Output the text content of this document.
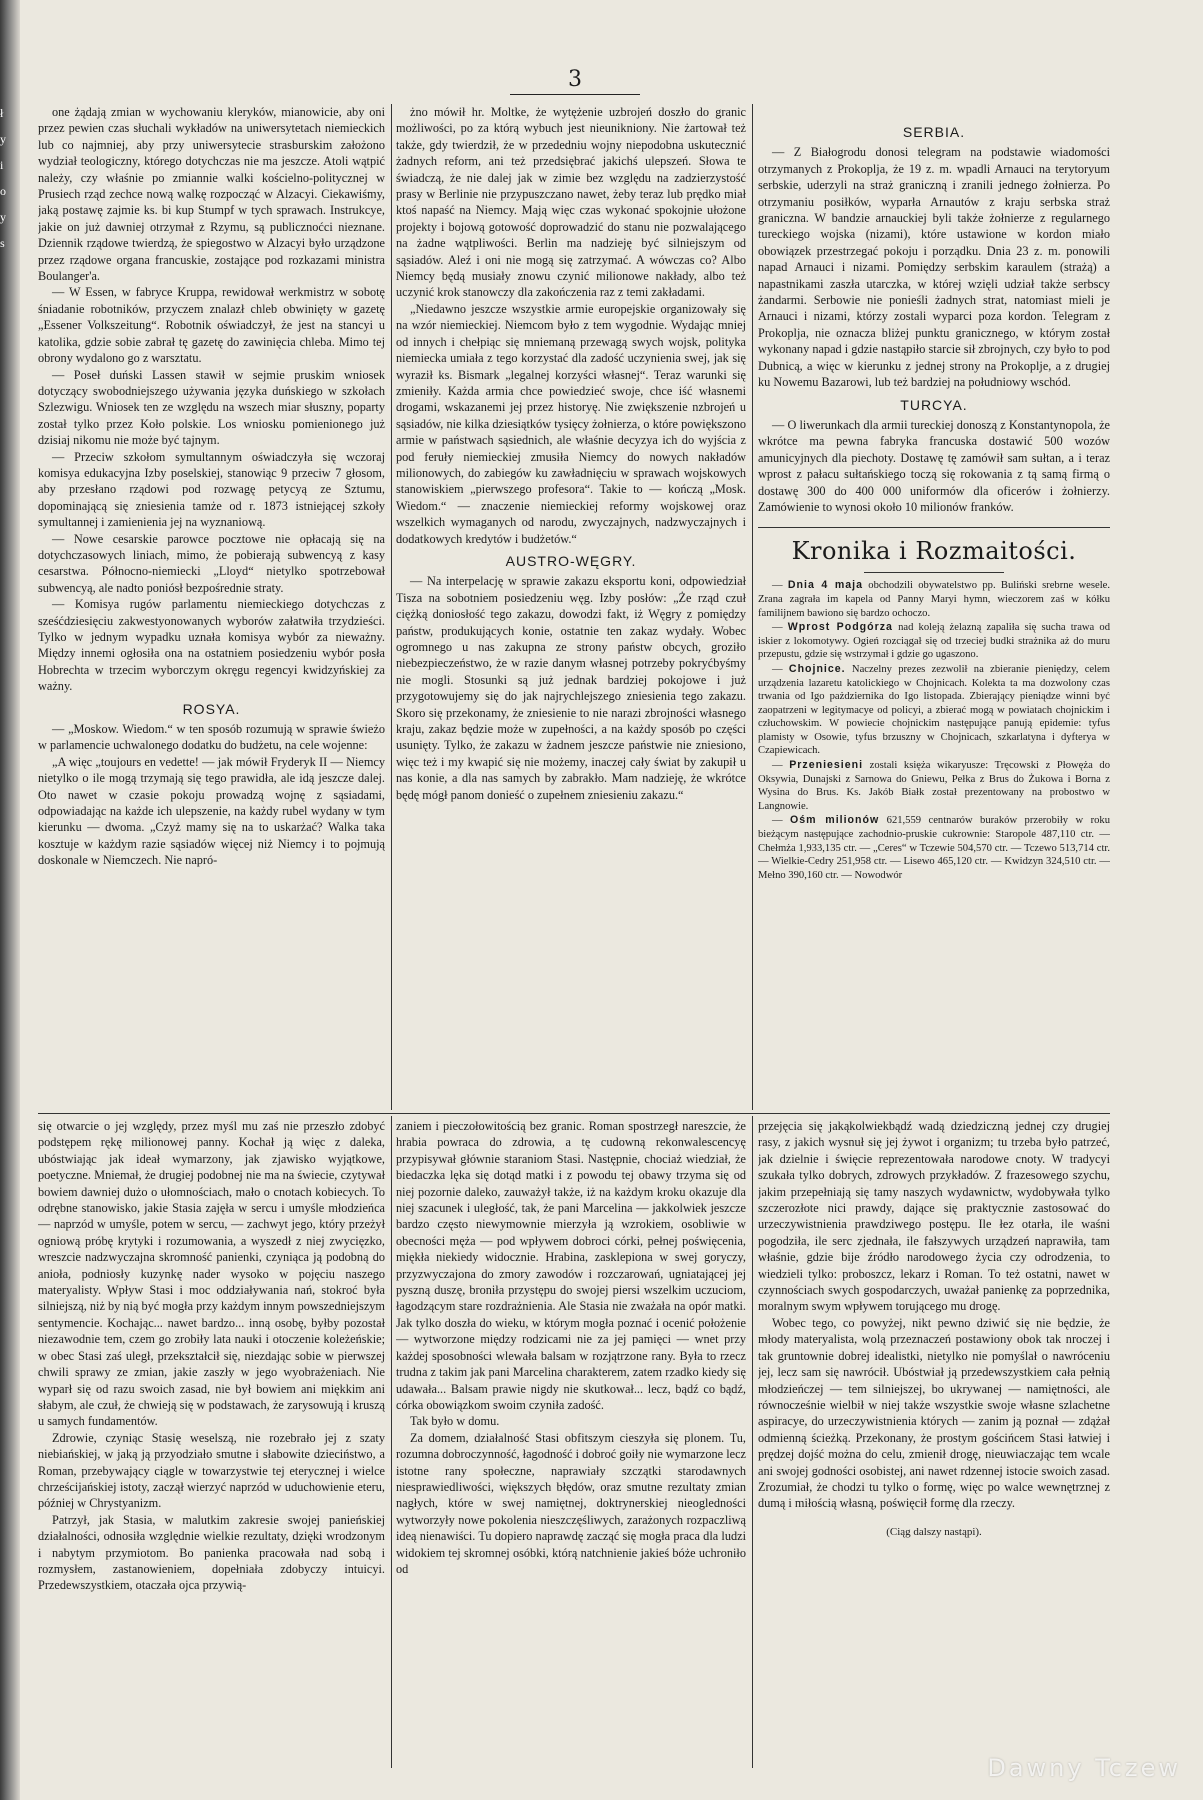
ł y i o y s
3

one żądają zmian w wychowaniu kleryków, mianowicie, aby oni przez pewien czas słuchali wykładów na uniwersytetach niemieckich lub co najmniej, aby przy uniwersytecie strasburskim założono wydział teologiczny, którego dotychczas nie ma jeszcze. Atoli wątpić należy, czy właśnie po zmiannie walki kościelno-politycznej w Prusiech rząd zechce nową walkę rozpocząć w Alzacyi. Ciekawiśmy, jaką postawę zajmie ks. bi kup Stumpf w tych sprawach. Instrukcye, jakie on już dawniej otrzymał z Rzymu, są publicznoćci nieznane. Dziennik rządowe twierdzą, że spiegostwo w Alzacyi było urządzone przez rządowe organa francuskie, zostające pod rozkazami ministra Boulanger'a.

— W Essen, w fabryce Kruppa, rewidował werkmistrz w sobotę śniadanie robotników, przyczem znalazł chleb obwinięty w gazetę „Essener Volkszeitung“. Robotnik oświadczył, że jest na stancyi u katolika, gdzie sobie zabrał tę gazetę do zawinięcia chleba. Mimo tej obrony wydalono go z warsztatu.

— Poseł duński Lassen stawił w sejmie pruskim wniosek dotyczący swobodniejszego używania języka duńskiego w szkołach Szlezwigu. Wniosek ten ze względu na wszech miar słuszny, poparty został tylko przez Koło polskie. Los wniosku pomienionego już dzisiaj nikomu nie może być tajnym.

— Przeciw szkołom symultannym oświadczyła się wczoraj komisya edukacyjna Izby poselskiej, stanowiąc 9 przeciw 7 głosom, aby przesłano rządowi pod rozwagę petycyą ze Sztumu, dopominającą się zniesienia tamże od r. 1873 istniejącej szkoły symultannej i zamienienia jej na wyznaniową.

— Nowe cesarskie parowce pocztowe nie opłacają się na dotychczasowych liniach, mimo, że pobierają subwencyą z kasy cesarstwa. Północno-niemiecki „Lloyd“ nietylko spotrzebował subwencyą, ale nadto poniósł bezpośrednie straty.

— Komisya rugów parlamentu niemieckiego dotychczas z sześćdziesięciu zakwestyonowanych wyborów załatwiła trzydzieści. Tylko w jednym wypadku uznała komisya wybór za nieważny. Między innemi ogłosiła ona na ostatniem posiedzeniu wybór posła Hobrechta w trzecim wyborczym okręgu regencyi kwidzyńskiej za ważny.

ROSYA.

— „Moskow. Wiedom.“ w ten sposób rozumują w sprawie świeżo w parlamencie uchwalonego dodatku do budżetu, na cele wojenne:

„A więc „toujours en vedette! — jak mówił Fryderyk II — Niemcy nietylko o ile mogą trzymają się tego prawidła, ale idą jeszcze dalej. Oto nawet w czasie pokoju prowadzą wojnę z sąsiadami, odpowiadając na każde ich ulepszenie, na każdy rubel wydany w tym kierunku — dwoma. „Czyż mamy się na to uskarżać? Walka taka kosztuje w każdym razie sąsiadów więcej niż Niemcy i to pojmują doskonale w Niemczech. Nie napró-

żno mówił hr. Moltke, że wytężenie uzbrojeń doszło do granic możliwości, po za którą wybuch jest nieunikniony. Nie żartował też także, gdy twierdził, że w przededniu wojny niepodobna uskutecznić żadnych reform, ani też przedsiębrać jakichś ulepszeń. Słowa te świadczą, że nie dalej jak w zimie bez względu na zadzierzystość prasy w Berlinie nie przypuszczano nawet, żeby teraz lub prędko miał ktoś napaść na Niemcy. Mają więc czas wykonać spokojnie ułożone projekty i bojową gotowość doprowadzić do stanu nie pozwalającego na żadne wątpliwości. Berlin ma nadzieję być silniejszym od sąsiadów. Aleź i oni nie mogą się zatrzymać. A wówczas co? Albo Niemcy będą musiały znowu czynić milionowe nakłady, albo też uczynić krok stanowczy dla zakończenia raz z temi zakładami.

„Niedawno jeszcze wszystkie armie europejskie organizowały się na wzór niemieckiej. Niemcom było z tem wygodnie. Wydając mniej od innych i chełpiąc się mniemaną przewagą swych wojsk, polityka niemiecka umiała z tego korzystać dla zadość uczynienia swej, jak się wyraził ks. Bismark „legalnej korzyści własnej“. Teraz warunki się zmieniły. Każda armia chce powiedzieć swoje, chce iść własnemi drogami, wskazanemi jej przez historyę. Nie zwiększenie nzbrojeń u sąsiadów, nie kilka dziesiątków tysięcy żołnierza, o które powiększono armie w państwach sąsiednich, ale właśnie decyzya ich do wyjścia z pod feruły niemieckiej zmusiła Niemcy do nowych nakładów milionowych, do zabiegów ku zawładnięciu w sprawach wojskowych stanowiskiem „pierwszego profesora“. Takie to — kończą „Mosk. Wiedom.“ — znaczenie niemieckiej reformy wojskowej oraz wszelkich wymaganych od narodu, zwyczajnych, nadzwyczajnych i dodatkowych kredytów i budżetów.“

AUSTRO-WĘGRY.

— Na interpelację w sprawie zakazu eksportu koni, odpowiedział Tisza na sobotniem posiedzeniu węg. Izby posłów: „Że rząd czuł ciężką doniosłość tego zakazu, dowodzi fakt, iż Węgry z pomiędzy państw, produkujących konie, ostatnie ten zakaz wydały. Wobec ogromnego u nas zakupna ze strony państw obcych, groziło niebezpieczeństwo, że w razie danym własnej potrzeby pokryćbyśmy nie mogli. Stosunki są już jednak bardziej pokojowe i już przygotowujemy się do jak najrychlejszego zniesienia tego zakazu. Skoro się przekonamy, że zniesienie to nie narazi zbrojności własnego kraju, zakaz będzie może w zupełności, a na każdy sposób po części usunięty. Tylko, że zakazu w żadnem jeszcze państwie nie zniesiono, więc też i my kwapić się nie możemy, inaczej cały świat by zakupił u nas konie, a dla nas samych by zabrakło. Mam nadzieję, że wkrótce będę mógł panom donieść o zupełnem zniesieniu zakazu.“

SERBIA.

— Z Białogrodu donosi telegram na podstawie wiadomości otrzymanych z Prokoplja, że 19 z. m. wpadli Arnauci na terytoryum serbskie, uderzyli na straż graniczną i zranili jednego żołnierza. Po otrzymaniu posiłków, wyparła Arnautów z kraju serbska straż graniczna. W bandzie arnauckiej byli także żołnierze z regularnego tureckiego wojska (nizami), które ustawione w kordon miało obowiązek przestrzegać pokoju i porządku. Dnia 23 z. m. ponowili napad Arnauci i nizami. Pomiędzy serbskim karaulem (strażą) a napastnikami zaszła utarczka, w której wzięli udział także serbscy żandarmi. Serbowie nie ponieśli żadnych strat, natomiast mieli je Arnauci i nizami, którzy zostali wyparci poza kordon. Telegram z Prokoplja, nie oznacza bliżej punktu granicznego, w którym został wykonany napad i gdzie nastąpiło starcie sił zbrojnych, czy było to pod Dubnicą, a więc w kierunku z jednej strony na Prokoplje, a z drugiej ku Nowemu Bazarowi, lub też bardziej na południowy wschód.

TURCYA.

— O liwerunkach dla armii tureckiej donoszą z Konstantynopola, że wkrótce ma pewna fabryka francuska dostawić 500 wozów amunicyjnych dla piechoty. Dostawę tę zamówił sam sułtan, a i teraz wprost z pałacu sułtańskiego toczą się rokowania z tą samą firmą o dostawę 300 do 400 000 uniformów dla oficerów i żołnierzy. Zamówienie to wynosi około 10 milionów franków.

Kronika i Rozmaitości.

— Dnia 4 maja obchodzili obywatelstwo pp. Buliński srebrne wesele. Zrana zagrała im kapela od Panny Maryi hymn, wieczorem zaś w kółku familijnem bawiono się bardzo ochoczo.

— Wprost Podgórza nad koleją żelazną zapaliła się sucha trawa od iskier z lokomotywy. Ogień rozciągał się od trzeciej budki strażnika aż do muru przepustu, gdzie się wstrzymał i gdzie go ugaszono.

— Chojnice. Naczelny prezes zezwolił na zbieranie pieniędzy, celem urządzenia lazaretu katolickiego w Chojnicach. Kolekta ta ma dozwolony czas trwania od Igo pażdziernika do Igo listopada. Zbierający pieniądze winni być zaopatrzeni w legitymacye od policyi, a zbierać mogą w powiatach chojnickim i człuchowskim. W powiecie chojnickim następujące panują epidemie: tyfus plamisty w Osowie, tyfus brzuszny w Chojnicach, szkarlatyna i dyfterya w Czapiewicach.

— Przeniesieni zostali księża wikaryusze: Tręcowski z Płowęża do Oksywia, Dunajski z Sarnowa do Gniewu, Pełka z Brus do Żukowa i Borna z Wysina do Brus. Ks. Jakób Białk został prezentowany na probostwo w Langnowie.

— Ośm milionów 621,559 centnarów buraków przerobiły w roku bieżącym następujące zachodnio-pruskie cukrownie: Staropole 487,110 ctr. — Chełmża 1,933,135 ctr. — „Ceres“ w Tczewie 504,570 ctr. — Tczewo 513,714 ctr. — Wielkie-Cedry 251,958 ctr. — Lisewo 465,120 ctr. — Kwidzyn 324,510 ctr. — Mełno 390,160 ctr. — Nowodwór

się otwarcie o jej względy, przez myśl mu zaś nie przeszło zdobyć podstępem rękę milionowej panny. Kochał ją więc z daleka, ubóstwiając jak ideał wymarzony, jak zjawisko wyjątkowe, poetyczne. Mniemał, że drugiej podobnej nie ma na świecie, czytywał bowiem dawniej dużo o ułomnościach, mało o cnotach kobiecych. To odrębne stanowisko, jakie Stasia zajęła w sercu i umyśle młodzieńca — naprzód w umyśle, potem w sercu, — zachwyt jego, który przeżył ogniową próbę krytyki i rozumowania, a wyszedł z niej zwycięzko, wreszcie nadzwyczajna skromność panienki, czyniąca ją podobną do anioła, podniosły kuzynkę nader wysoko w pojęciu naszego materyalisty. Wpływ Stasi i moc oddziaływania nań, stokroć była silniejszą, niż by nią być mogła przy każdym innym powszedniejszym sentymencie. Kochając... nawet bardzo... inną osobę, byłby pozostał niezawodnie tem, czem go zrobiły lata nauki i otoczenie koleżeńskie; w obec Stasi zaś uległ, przekształcił się, niezdając sobie w pierwszej chwili sprawy ze zmian, jakie zaszły w jego wyobrażeniach. Nie wyparł się od razu swoich zasad, nie był bowiem ani miękkim ani słabym, ale czuł, że chwieją się w podstawach, że zarysowują i kruszą u samych fundamentów.

Zdrowie, czyniąc Stasię weselszą, nie rozebrało jej z szaty niebiańskiej, w jaką ją przyodziało smutne i słabowite dzieciństwo, a Roman, przebywający ciągle w towarzystwie tej eterycznej i wielce chrześcijańskiej istoty, zaczął wierzyć naprzód w uduchowienie eteru, później w Chrystyanizm.

Patrzył, jak Stasia, w malutkim zakresie swojej panieńskiej działalności, odnosiła względnie wielkie rezultaty, dzięki wrodzonym i nabytym przymiotom. Bo panienka pracowała nad sobą i rozmysłem, zastanowieniem, dopełniała zdobyczy intuicyi. Przedewszystkiem, otaczała ojca przywią-

zaniem i pieczołowitością bez granic. Roman spostrzegł nareszcie, że hrabia powraca do zdrowia, a tę cudowną rekonwalescencyę przypisywał głównie staraniom Stasi. Następnie, chociaż wiedział, że biedaczka lęka się dotąd matki i z powodu tej obawy trzyma się od niej pozornie daleko, zauważył także, iż na każdym kroku okazuje dla niej szacunek i uległość, tak, że pani Marcelina — jakkolwiek jeszcze bardzo często niewymownie mierzyła ją wzrokiem, osobliwie w obecności męża — pod wpływem dobroci córki, pełnej poświęcenia, miękła niekiedy widocznie. Hrabina, zasklepiona w swej goryczy, przyzwyczajona do zmory zawodów i rozczarowań, ugniatającej jej pyszną duszę, broniła przystępu do swojej piersi wszelkim uczuciom, łagodzącym stare rozdrażnienia. Ale Stasia nie zważała na opór matki. Jak tylko doszła do wieku, w którym mogła poznać i ocenić położenie — wytworzone między rodzicami nie za jej pamięci — wnet przy każdej sposobności wlewała balsam w rozjątrzone rany. Była to rzecz trudna z takim jak pani Marcelina charakterem, zatem rzadko kiedy się udawała... Balsam prawie nigdy nie skutkował... lecz, bądź co bądź, córka obowiązkom swoim czyniła zadość.

Tak było w domu.

Za domem, działalność Stasi obfitszym cieszyła się plonem. Tu, rozumna dobroczynność, łagodność i dobroć goiły nie wymarzone lecz istotne rany społeczne, naprawiały szczątki starodawnych niesprawiedliwości, większych błędów, oraz smutne rezultaty zmian nagłych, które w swej namiętnej, doktrynerskiej nieogledności wytworzyły nowe pokolenia nieszczęśliwych, zarażonych rozpaczliwą ideą nienawiści. Tu dopiero naprawdę zacząć się mogła praca dla ludzi widokiem tej skromnej osóbki, którą natchnienie jakieś bóże uchroniło od

przejęcia się jakąkolwiekbądź wadą dziedziczną jednej czy drugiej rasy, z jakich wysnuł się jej żywot i organizm; tu trzeba było patrzeć, jak dzielnie i święcie reprezentowała narodowe cnoty. W tradycyi szukała tylko dobrych, zdrowych przykładów. Z frazesowego szychu, jakim przepełniają się tamy naszych wydawnictw, wydobywała tylko szczerozłote nici prawdy, dające się praktycznie zastosować do urzeczywistnienia prawdziwego postępu. Ile łez otarła, ile waśni pogodziła, ile serc zjednała, ile fałszywych urządzeń naprawiła, tam właśnie, gdzie bije źródło narodowego życia czy odrodzenia, to wiedzieli tylko: proboszcz, lekarz i Roman. To też ostatni, nawet w czynnościach swych gospodarczych, uważał panienkę za poprzednika, moralnym swym wpływem torującego mu drogę.

Wobec tego, co powyżej, nikt pewno dziwić się nie będzie, że młody materyalista, wolą przeznaczeń postawiony obok tak nroczej i tak gruntownie dobrej idealistki, nietylko nie pomyślał o nawróceniu jej, lecz sam się nawrócił. Ubóstwiał ją przedewszystkiem cała pełnią młodzieńczej — tem silniejszej, bo ukrywanej — namiętności, ale równocześnie wielbił w niej także wszystkie swoje własne szlachetne aspiracye, do urzeczywistnienia których — zanim ją poznał — zdążał odmienną ścieżką. Przekonany, że prostym gościńcem Stasi łatwiej i prędzej dojść można do celu, zmienił drogę, nieuwiaczając tem wcale ani swojej godności osobistej, ani nawet rdzennej istocie swoich zasad. Zrozumiał, że chodzi tu tylko o formę, więc po walce wewnętrznej z dumą i miłością własną, poświęcił formę dla rzeczy.

(Ciąg dalszy nastąpi).
Dawny Tczew
